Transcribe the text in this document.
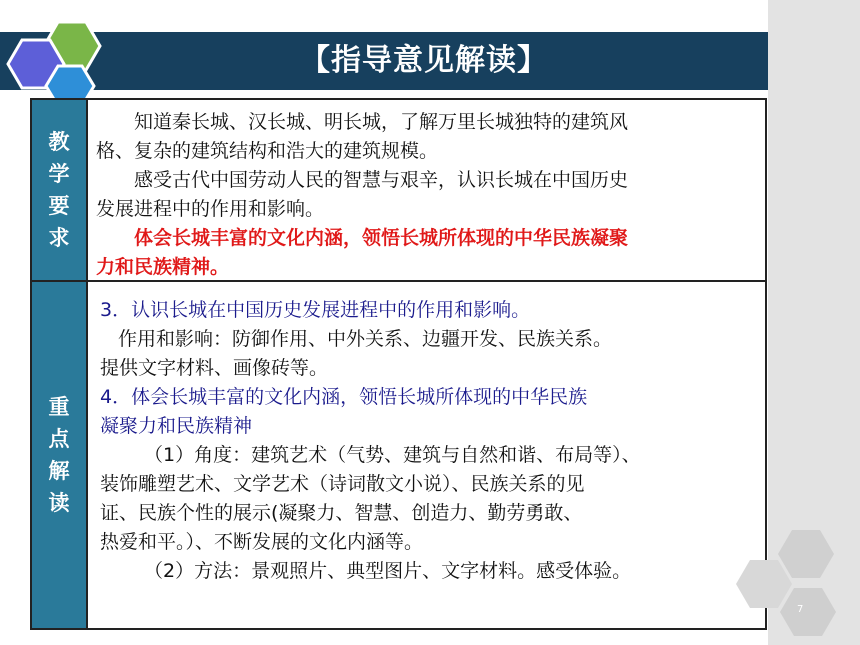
【指导意见解读】
教学要求
重点解读
知道秦长城、汉长城、明长城，了解万里长城独特的建筑风
格、复杂的建筑结构和浩大的建筑规模。
感受古代中国劳动人民的智慧与艰辛，认识长城在中国历史
发展进程中的作用和影响。
体会长城丰富的文化内涵，领悟长城所体现的中华民族凝聚
力和民族精神。
3．认识长城在中国历史发展进程中的作用和影响。
作用和影响：防御作用、中外关系、边疆开发、民族关系。
提供文字材料、画像砖等。
4．体会长城丰富的文化内涵，领悟长城所体现的中华民族
凝聚力和民族精神
（1）角度：建筑艺术（气势、建筑与自然和谐、布局等）、
装饰雕塑艺术、文学艺术（诗词散文小说）、民族关系的见
证、民族个性的展示(凝聚力、智慧、创造力、勤劳勇敢、
热爱和平。）、不断发展的文化内涵等。
（2）方法：景观照片、典型图片、文字材料。感受体验。
7
